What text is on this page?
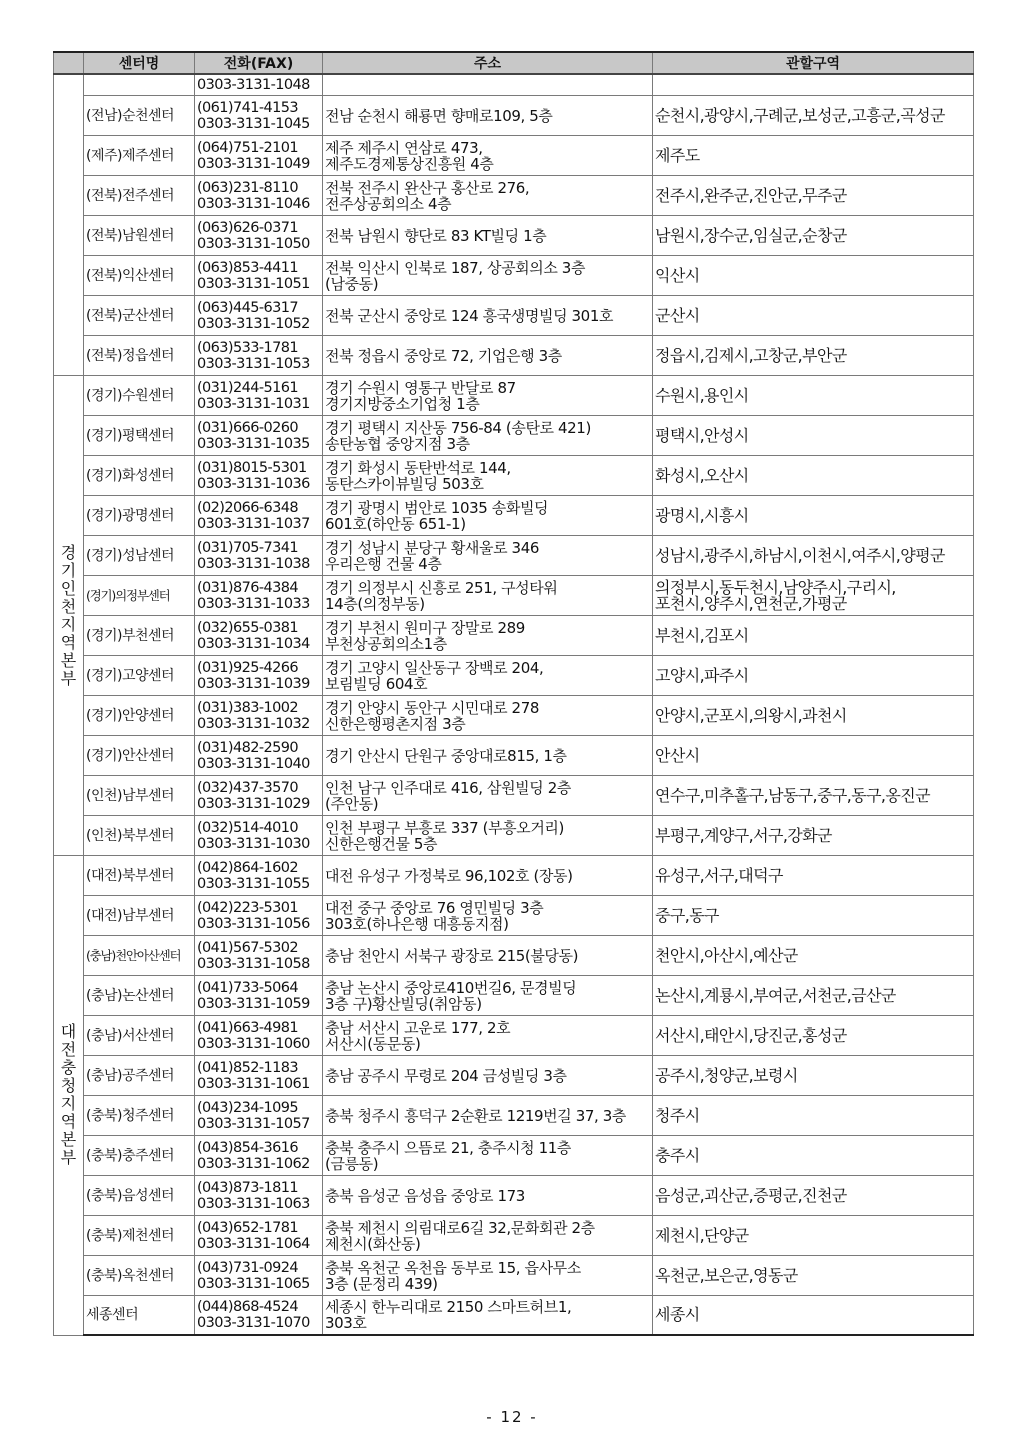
	센터명	전화(FAX)	주소	관할구역

		0303-3131-1048		

	(전남)순천센터	(061)741-4153
0303-3131-1045	전남 순천시 해룡면 향매로109, 5층	순천시,광양시,구례군,보성군,고흥군,곡성군

	(제주)제주센터	(064)751-2101
0303-3131-1049	제주 제주시 연삼로 473,
제주도경제통상진흥원 4층	제주도

	(전북)전주센터	(063)231-8110
0303-3131-1046	전북 전주시 완산구 홍산로 276,
전주상공회의소 4층	전주시,완주군,진안군,무주군

	(전북)남원센터	(063)626-0371
0303-3131-1050	전북 남원시 향단로 83 KT빌딩 1층	남원시,장수군,임실군,순창군

	(전북)익산센터	(063)853-4411
0303-3131-1051	전북 익산시 인북로 187, 상공회의소 3층
(남중동)	익산시

	(전북)군산센터	(063)445-6317
0303-3131-1052	전북 군산시 중앙로 124 흥국생명빌딩 301호	군산시

	(전북)정읍센터	(063)533-1781
0303-3131-1053	전북 정읍시 중앙로 72, 기업은행 3층	정읍시,김제시,고창군,부안군

경기인천지역본부	(경기)수원센터	(031)244-5161
0303-3131-1031	경기 수원시 영통구 반달로 87
경기지방중소기업청 1층	수원시,용인시

	(경기)평택센터	(031)666-0260
0303-3131-1035	경기 평택시 지산동 756-84 (송탄로 421)
송탄농협 중앙지점 3층	평택시,안성시

	(경기)화성센터	(031)8015-5301
0303-3131-1036	경기 화성시 동탄반석로 144,
동탄스카이뷰빌딩 503호	화성시,오산시

	(경기)광명센터	(02)2066-6348
0303-3131-1037	경기 광명시 범안로 1035 송화빌딩
601호(하안동 651-1)	광명시,시흥시

	(경기)성남센터	(031)705-7341
0303-3131-1038	경기 성남시 분당구 황새울로 346
우리은행 건물 4층	성남시,광주시,하남시,이천시,여주시,양평군

	(경기)의정부센터	(031)876-4384
0303-3131-1033	경기 의정부시 신흥로 251, 구성타워
14층(의정부동)	의정부시,동두천시,남양주시,구리시,
포천시,양주시,연천군,가평군

	(경기)부천센터	(032)655-0381
0303-3131-1034	경기 부천시 원미구 장말로 289
부천상공회의소1층	부천시,김포시

	(경기)고양센터	(031)925-4266
0303-3131-1039	경기 고양시 일산동구 장백로 204,
보림빌딩 604호	고양시,파주시

	(경기)안양센터	(031)383-1002
0303-3131-1032	경기 안양시 동안구 시민대로 278
신한은행평촌지점 3층	안양시,군포시,의왕시,과천시

	(경기)안산센터	(031)482-2590
0303-3131-1040	경기 안산시 단원구 중앙대로815, 1층	안산시

	(인천)남부센터	(032)437-3570
0303-3131-1029	인천 남구 인주대로 416, 삼원빌딩 2층
(주안동)	연수구,미추홀구,남동구,중구,동구,옹진군

	(인천)북부센터	(032)514-4010
0303-3131-1030	인천 부평구 부흥로 337 (부흥오거리)
신한은행건물 5층	부평구,계양구,서구,강화군

대전충청지역본부	(대전)북부센터	(042)864-1602
0303-3131-1055	대전 유성구 가정북로 96,102호 (장동)	유성구,서구,대덕구

	(대전)남부센터	(042)223-5301
0303-3131-1056	대전 중구 중앙로 76 영민빌딩 3층
303호(하나은행 대흥동지점)	중구,동구

	(충남)천안아산센터	(041)567-5302
0303-3131-1058	충남 천안시 서북구 광장로 215(불당동)	천안시,아산시,예산군

	(충남)논산센터	(041)733-5064
0303-3131-1059	충남 논산시 중앙로410번길6, 문경빌딩
3층 구)황산빌딩(취암동)	논산시,계룡시,부여군,서천군,금산군

	(충남)서산센터	(041)663-4981
0303-3131-1060	충남 서산시 고운로 177, 2호
서산시(동문동)	서산시,태안시,당진군,홍성군

	(충남)공주센터	(041)852-1183
0303-3131-1061	충남 공주시 무령로 204 금성빌딩 3층	공주시,청양군,보령시

	(충북)청주센터	(043)234-1095
0303-3131-1057	충북 청주시 흥덕구 2순환로 1219번길 37, 3층	청주시

	(충북)충주센터	(043)854-3616
0303-3131-1062	충북 충주시 으뜸로 21, 충주시청 11층
(금릉동)	충주시

	(충북)음성센터	(043)873-1811
0303-3131-1063	충북 음성군 음성읍 중앙로 173	음성군,괴산군,증평군,진천군

	(충북)제천센터	(043)652-1781
0303-3131-1064	충북 제천시 의림대로6길 32,문화회관 2층
제천시(화산동)	제천시,단양군

	(충북)옥천센터	(043)731-0924
0303-3131-1065	충북 옥천군 옥천읍 동부로 15, 읍사무소
3층 (문정리 439)	옥천군,보은군,영동군

	세종센터	(044)868-4524
0303-3131-1070	세종시 한누리대로 2150 스마트허브1,
303호	세종시
- 12 -
